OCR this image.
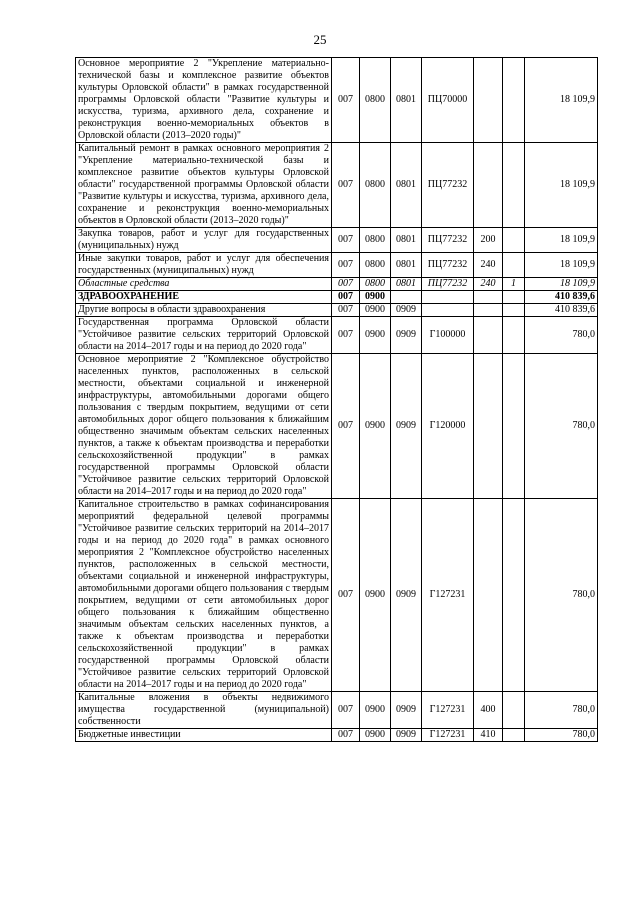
25
Основное мероприятие 2 "Укрепление материально-технической базы и комплексное развитие объектов культуры Орловской области" в рамках государственной программы Орловской области "Развитие культуры и искусства, туризма, архивного дела, сохранение и реконструкция военно-мемориальных объектов в Орловской области (2013–2020 годы)"	007	0800	0801	ПЦ70000			18 109,9
Капитальный ремонт в рамках основного мероприятия 2 "Укрепление материально-технической базы и комплексное развитие объектов культуры Орловской области" государственной программы Орловской области "Развитие культуры и искусства, туризма, архивного дела, сохранение и реконструкция военно-мемориальных объектов в Орловской области (2013–2020 годы)"	007	0800	0801	ПЦ77232			18 109,9
Закупка товаров, работ и услуг для государственных (муниципальных) нужд	007	0800	0801	ПЦ77232	200		18 109,9
Иные закупки товаров, работ и услуг для обеспечения государственных (муниципальных) нужд	007	0800	0801	ПЦ77232	240		18 109,9
Областные средства	007	0800	0801	ПЦ77232	240	1	18 109,9
ЗДРАВООХРАНЕНИЕ	007	0900					410 839,6
Другие вопросы в области здравоохранения	007	0900	0909				410 839,6
Государственная программа Орловской области "Устойчивое развитие сельских территорий Орловской области на 2014–2017 годы и на период до 2020 года"	007	0900	0909	Г100000			780,0
Основное мероприятие 2 "Комплексное обустройство населенных пунктов, расположенных в сельской местности, объектами социальной и инженерной инфраструктуры, автомобильными дорогами общего пользования с твердым покрытием, ведущими от сети автомобильных дорог общего пользования к ближайшим общественно значимым объектам сельских населенных пунктов, а также к объектам производства и переработки сельскохозяйственной продукции" в рамках государственной программы Орловской области "Устойчивое развитие сельских территорий Орловской области на 2014–2017 годы и на период до 2020 года"	007	0900	0909	Г120000			780,0
Капитальное строительство в рамках софинансирования мероприятий федеральной целевой программы "Устойчивое развитие сельских территорий на 2014–2017 годы и на период до 2020 года" в рамках основного мероприятия 2 "Комплексное обустройство населенных пунктов, расположенных в сельской местности, объектами социальной и инженерной инфраструктуры, автомобильными дорогами общего пользования с твердым покрытием, ведущими от сети автомобильных дорог общего пользования к ближайшим общественно значимым объектам сельских населенных пунктов, а также к объектам производства и переработки сельскохозяйственной продукции" в рамках государственной программы Орловской области "Устойчивое развитие сельских территорий Орловской области на 2014–2017 годы и на период до 2020 года"	007	0900	0909	Г127231			780,0
Капитальные вложения в объекты недвижимого имущества государственной (муниципальной) собственности	007	0900	0909	Г127231	400		780,0
Бюджетные инвестиции	007	0900	0909	Г127231	410		780,0
